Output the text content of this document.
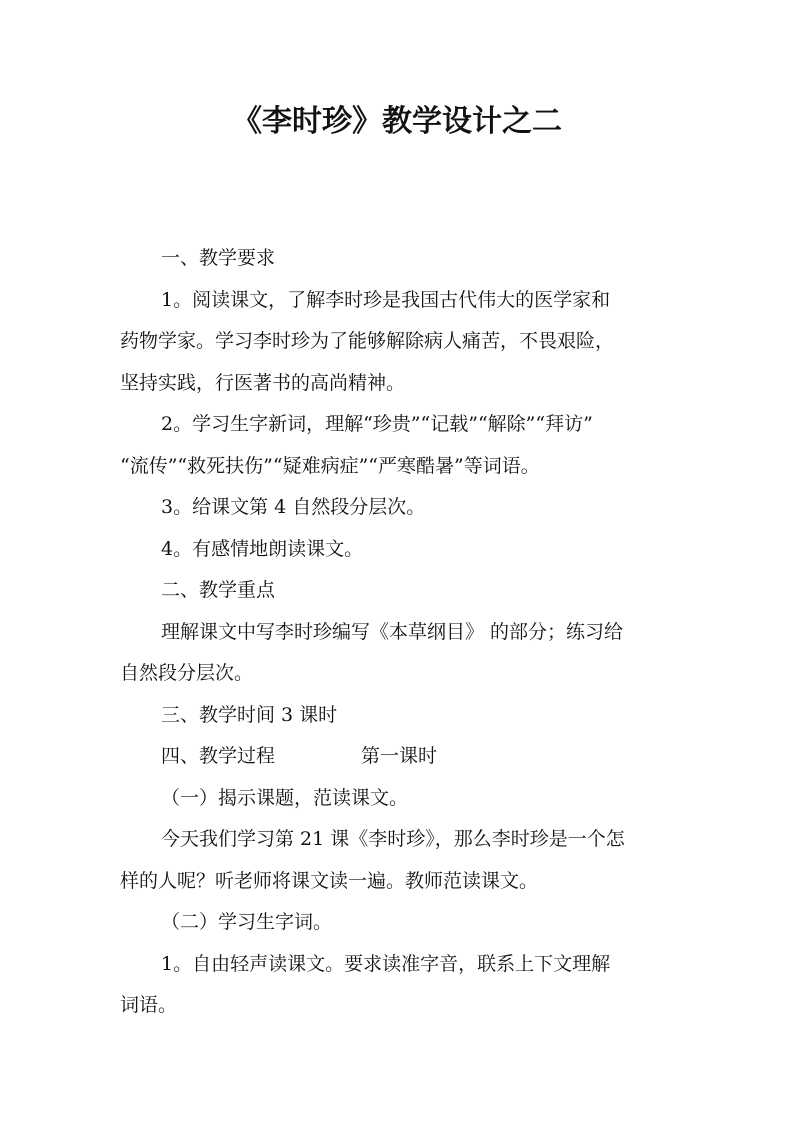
《李时珍》教学设计之二
一、教学要求
1。阅读课文，了解李时珍是我国古代伟大的医学家和
药物学家。学习李时珍为了能够解除病人痛苦，不畏艰险，
坚持实践，行医著书的高尚精神。
2。学习生字新词，理解“珍贵”“记载”“解除”“拜访”
“流传”“救死扶伤”“疑难病症”“严寒酷暑”等词语。
3。给课文第 4 自然段分层次。
4。有感情地朗读课文。
二、教学重点
理解课文中写李时珍编写《本草纲目》 的部分；练习给
自然段分层次。
三、教学时间 3 课时
四、教学过程	第一课时
（一）揭示课题，范读课文。
今天我们学习第 21 课《李时珍》，那么李时珍是一个怎
样的人呢？听老师将课文读一遍。教师范读课文。
（二）学习生字词。
1。自由轻声读课文。要求读准字音，联系上下文理解
词语。
